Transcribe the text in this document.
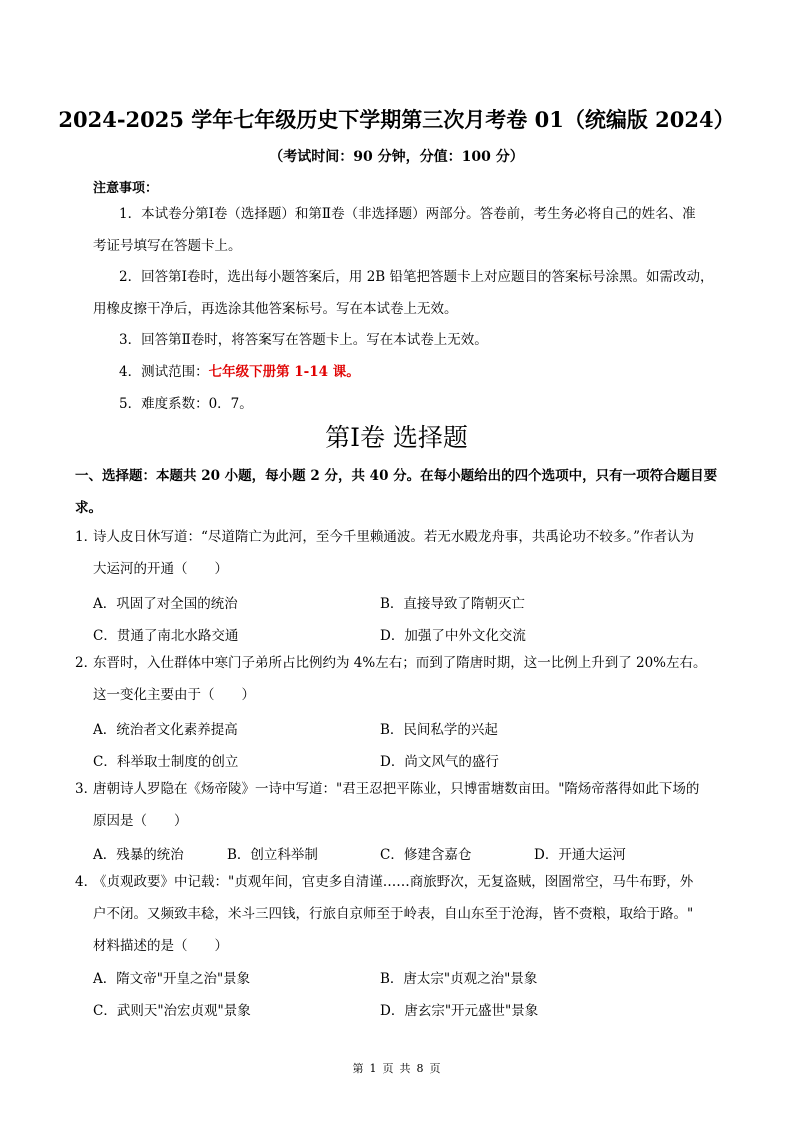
2024-2025 学年七年级历史下学期第三次月考卷 01（统编版 2024）
（考试时间：90 分钟，分值：100 分）
注意事项：
1．本试卷分第Ⅰ卷（选择题）和第Ⅱ卷（非选择题）两部分。答卷前，考生务必将自己的姓名、准
考证号填写在答题卡上。
2．回答第Ⅰ卷时，选出每小题答案后，用 2B 铅笔把答题卡上对应题目的答案标号涂黑。如需改动，
用橡皮擦干净后，再选涂其他答案标号。写在本试卷上无效。
3．回答第Ⅱ卷时，将答案写在答题卡上。写在本试卷上无效。
4．测试范围：七年级下册第 1-14 课。
5．难度系数：0．7。
第Ⅰ卷 选择题
一、选择题：本题共 20 小题，每小题 2 分，共 40 分。在每小题给出的四个选项中，只有一项符合题目要
求。
1．诗人皮日休写道：“尽道隋亡为此河，至今千里赖通波。若无水殿龙舟事，共禹论功不较多。”作者认为
大运河的开通（　　）
A．巩固了对全国的统治	B．直接导致了隋朝灭亡
C．贯通了南北水路交通	D．加强了中外文化交流
2．东晋时，入仕群体中寒门子弟所占比例约为 4%左右；而到了隋唐时期，这一比例上升到了 20%左右。
这一变化主要由于（　　）
A．统治者文化素养提高	B．民间私学的兴起
C．科举取士制度的创立	D．尚文风气的盛行
3．唐朝诗人罗隐在《炀帝陵》一诗中写道："君王忍把平陈业，只博雷塘数亩田。"隋炀帝落得如此下场的
原因是（　　）
A．残暴的统治	B．创立科举制	C．修建含嘉仓	D．开通大运河
4．《贞观政要》中记载："贞观年间，官吏多自清谨……商旅野次，无复盗贼，囹圄常空，马牛布野，外
户不闭。又频致丰稔，米斗三四钱，行旅自京师至于岭表，自山东至于沧海，皆不赍粮，取给于路。"
材料描述的是（　　）
A．隋文帝"开皇之治"景象	B．唐太宗"贞观之治"景象
C．武则天"治宏贞观"景象	D．唐玄宗"开元盛世"景象
第 1 页 共 8 页
